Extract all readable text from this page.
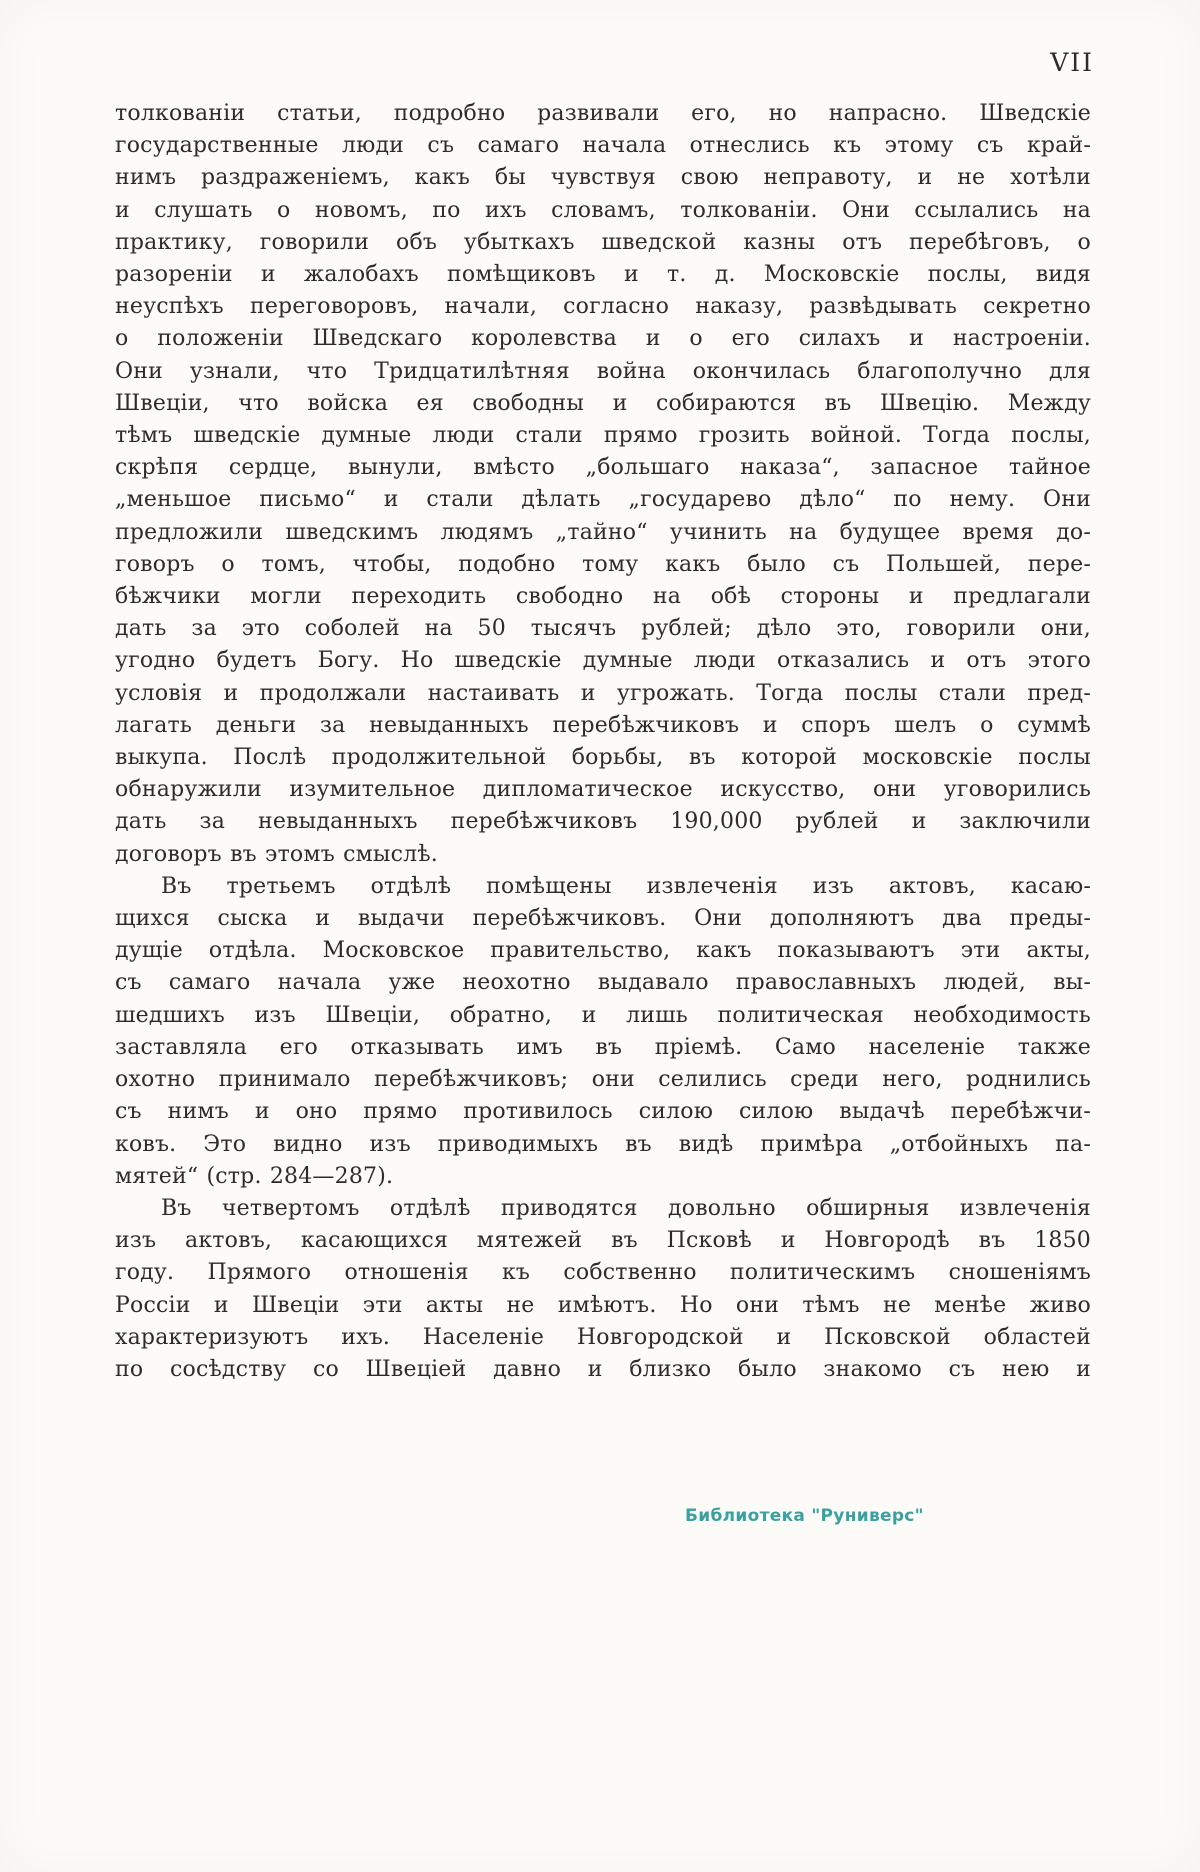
VII
толкованіи статьи, подробно развивали его, но напрасно. Шведскіе
государственные люди съ самаго начала отнеслись къ этому съ край-
нимъ раздраженіемъ, какъ бы чувствуя свою неправоту, и не хотѣли
и слушать о новомъ, по ихъ словамъ, толкованіи. Они ссылались на
практику, говорили объ убыткахъ шведской казны отъ перебѣговъ, о
разореніи и жалобахъ помѣщиковъ и т. д. Московскіе послы, видя
неуспѣхъ переговоровъ, начали, согласно наказу, развѣдывать секретно
о положеніи Шведскаго королевства и о его силахъ и настроеніи.
Они узнали, что Тридцатилѣтняя война окончилась благополучно для
Швеціи, что войска ея свободны и собираются въ Швецію. Между
тѣмъ шведскіе думные люди стали прямо грозить войной. Тогда послы,
скрѣпя сердце, вынули, вмѣсто „большаго наказа“, запасное тайное
„меньшое письмо“ и стали дѣлать „государево дѣло“ по нему. Они
предложили шведскимъ людямъ „тайно“ учинить на будущее время до-
говоръ о томъ, чтобы, подобно тому какъ было съ Польшей, пере-
бѣжчики могли переходить свободно на обѣ стороны и предлагали
дать за это соболей на 50 тысячъ рублей; дѣло это, говорили они,
угодно будетъ Богу. Но шведскіе думные люди отказались и отъ этого
условія и продолжали настаивать и угрожать. Тогда послы стали пред-
лагать деньги за невыданныхъ перебѣжчиковъ и споръ шелъ о суммѣ
выкупа. Послѣ продолжительной борьбы, въ которой московскіе послы
обнаружили изумительное дипломатическое искусство, они уговорились
дать за невыданныхъ перебѣжчиковъ 190,000 рублей и заключили
договоръ въ этомъ смыслѣ.
Въ третьемъ отдѣлѣ помѣщены извлеченія изъ актовъ, касаю-
щихся сыска и выдачи перебѣжчиковъ. Они дополняютъ два преды-
дущіе отдѣла. Московское правительство, какъ показываютъ эти акты,
съ самаго начала уже неохотно выдавало православныхъ людей, вы-
шедшихъ изъ Швеціи, обратно, и лишь политическая необходимость
заставляла его отказывать имъ въ пріемѣ. Само населеніе также
охотно принимало перебѣжчиковъ; они селились среди него, роднились
съ нимъ и оно прямо противилось силою силою выдачѣ перебѣжчи-
ковъ. Это видно изъ приводимыхъ въ видѣ примѣра „отбойныхъ па-
мятей“ (стр. 284—287).
Въ четвертомъ отдѣлѣ приводятся довольно обширныя извлеченія
изъ актовъ, касающихся мятежей въ Псковѣ и Новгородѣ въ 1850
году. Прямого отношенія къ собственно политическимъ сношеніямъ
Россіи и Швеціи эти акты не имѣютъ. Но они тѣмъ не менѣе живо
характеризуютъ ихъ. Населеніе Новгородской и Псковской областей
по сосѣдству со Швеціей давно и близко было знакомо съ нею и
Библиотека "Руниверс"
